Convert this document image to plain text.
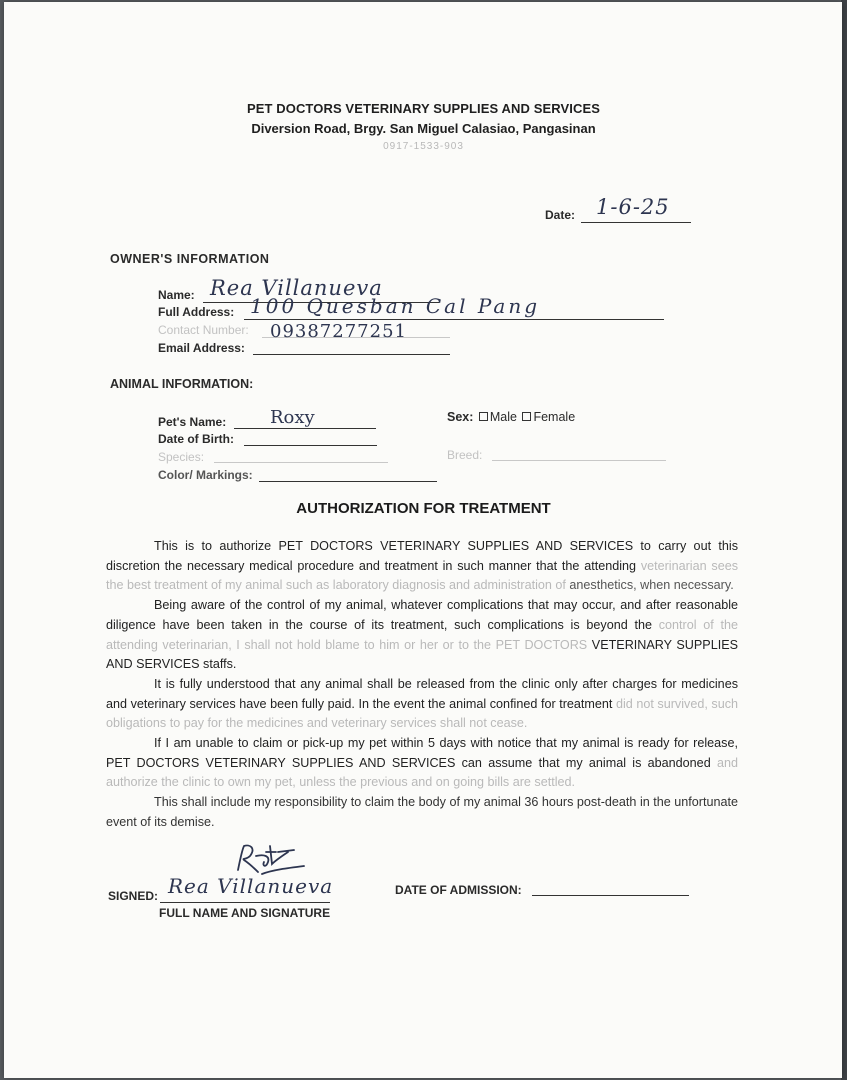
PET DOCTORS VETERINARY SUPPLIES AND SERVICES
Diversion Road, Brgy. San Miguel Calasiao, Pangasinan
0917-1533-903
Date: 1-6-25
OWNER'S INFORMATION
Name: Rea Villanueva
Full Address: 100 Quesban Cal Pang
Contact Number: 09387277251
Email Address:
ANIMAL INFORMATION:
Pet's Name: Roxy	Sex: Male Female
Date of Birth:
Species:	Breed:
Color/ Markings:
AUTHORIZATION FOR TREATMENT

This is to authorize PET DOCTORS VETERINARY SUPPLIES AND SERVICES to carry out this discretion the necessary medical procedure and treatment in such manner that the attending veterinarian sees the best treatment of my animal such as laboratory diagnosis and administration of anesthetics, when necessary.

Being aware of the control of my animal, whatever complications that may occur, and after reasonable diligence have been taken in the course of its treatment, such complications is beyond the control of the attending veterinarian, I shall not hold blame to him or her or to the PET DOCTORS VETERINARY SUPPLIES AND SERVICES staffs.

It is fully understood that any animal shall be released from the clinic only after charges for medicines and veterinary services have been fully paid. In the event the animal confined for treatment did not survived, such obligations to pay for the medicines and veterinary services shall not cease.

If I am unable to claim or pick-up my pet within 5 days with notice that my animal is ready for release, PET DOCTORS VETERINARY SUPPLIES AND SERVICES can assume that my animal is abandoned and authorize the clinic to own my pet, unless the previous and on going bills are settled.

This shall include my responsibility to claim the body of my animal 36 hours post-death in the unfortunate event of its demise.

SIGNED: Rea Villanueva
FULL NAME AND SIGNATURE
DATE OF ADMISSION:
